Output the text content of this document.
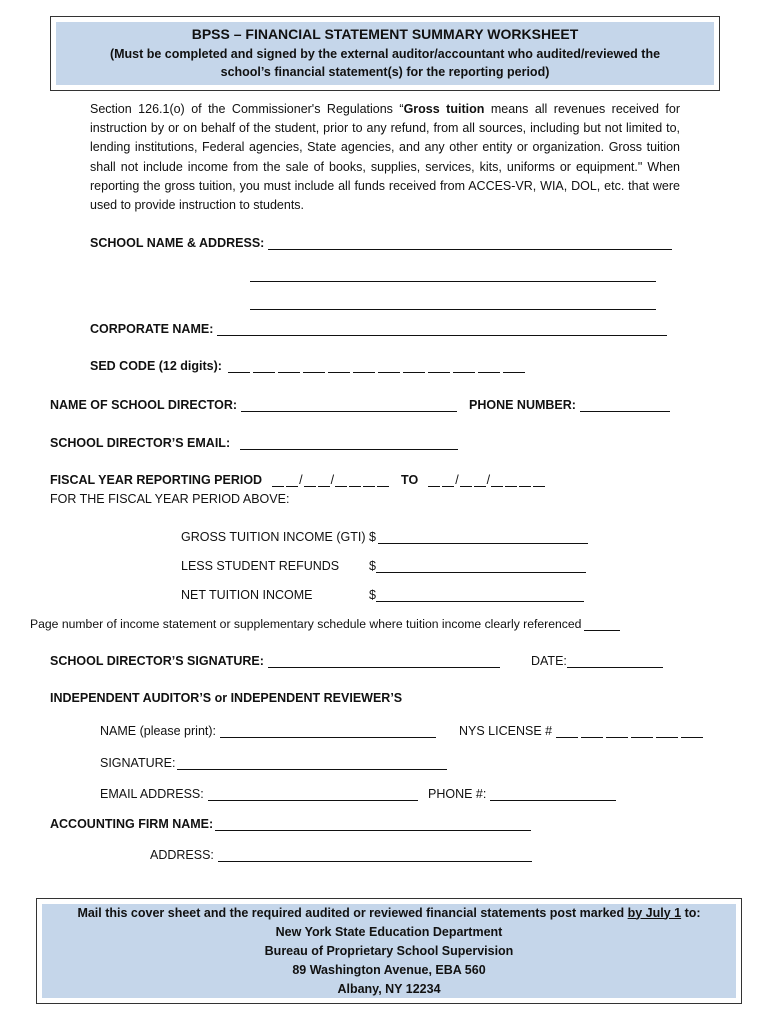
BPSS – FINANCIAL STATEMENT SUMMARY WORKSHEET
(Must be completed and signed by the external auditor/accountant who audited/reviewed the
school’s financial statement(s) for the reporting period)
Section 126.1(o) of the Commissioner's Regulations “Gross tuition means all revenues received for instruction by or on behalf of the student, prior to any refund, from all sources, including but not limited to, lending institutions, Federal agencies, State agencies, and any other entity or organization. Gross tuition shall not include income from the sale of books, supplies, services, kits, uniforms or equipment." When reporting the gross tuition, you must include all funds received from ACCES-VR, WIA, DOL, etc. that were used to provide instruction to students.
SCHOOL NAME & ADDRESS:
CORPORATE NAME:
SED CODE (12 digits):
NAME OF SCHOOL DIRECTOR:	PHONE NUMBER:
SCHOOL DIRECTOR’S EMAIL:
FISCAL YEAR REPORTING PERIOD	/ /	TO	/ /
FOR THE FISCAL YEAR PERIOD ABOVE:
GROSS TUITION INCOME (GTI) $
LESS STUDENT REFUNDS	$
NET TUITION INCOME	$
Page number of income statement or supplementary schedule where tuition income clearly referenced
SCHOOL DIRECTOR’S SIGNATURE:	DATE:
INDEPENDENT AUDITOR’S or INDEPENDENT REVIEWER’S
NAME (please print):	NYS LICENSE #
SIGNATURE:
EMAIL ADDRESS:	PHONE #:
ACCOUNTING FIRM NAME:
ADDRESS:
Mail this cover sheet and the required audited or reviewed financial statements post marked by July 1 to:
New York State Education Department
Bureau of Proprietary School Supervision
89 Washington Avenue, EBA 560
Albany, NY 12234
